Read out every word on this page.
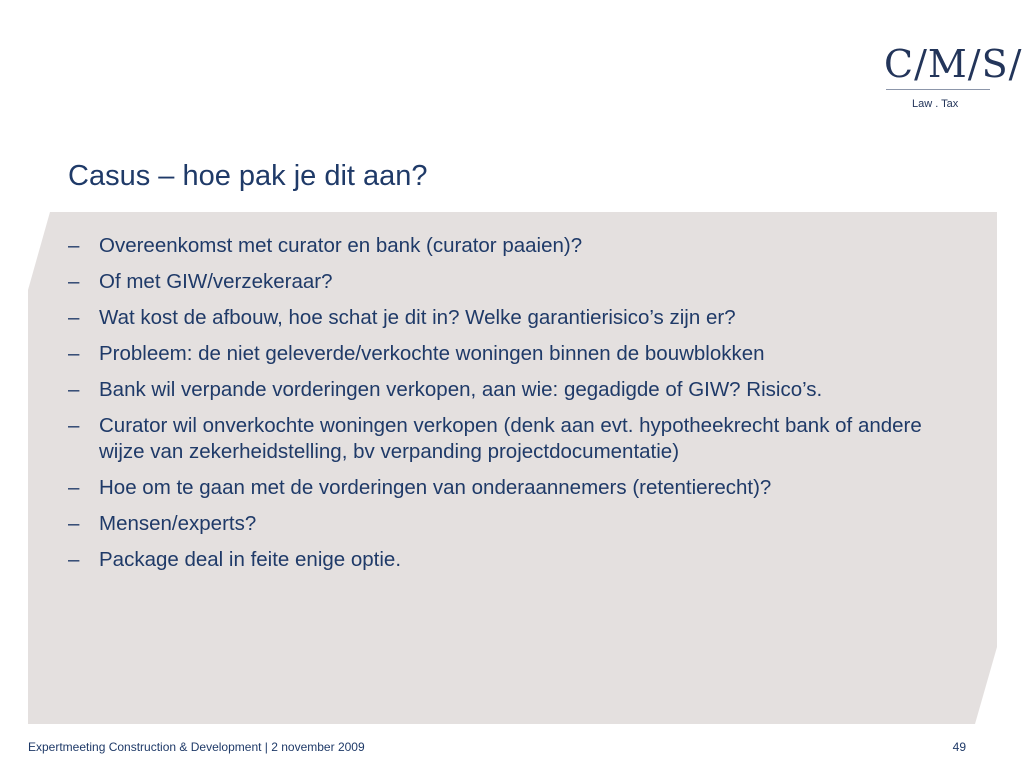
C/M/S/
Law . Tax
Casus – hoe pak je dit aan?
– Overeenkomst met curator en bank (curator paaien)?
– Of met GIW/verzekeraar?
– Wat kost de afbouw, hoe schat je dit in? Welke garantierisico’s zijn er?
– Probleem: de niet geleverde/verkochte woningen binnen de bouwblokken
– Bank wil verpande vorderingen verkopen, aan wie: gegadigde of GIW? Risico’s.
– Curator wil onverkochte woningen verkopen (denk aan evt. hypotheekrecht bank of andere wijze van zekerheidstelling, bv verpanding projectdocumentatie)
– Hoe om te gaan met de vorderingen van onderaannemers (retentierecht)?
– Mensen/experts?
– Package deal in feite enige optie.
Expertmeeting Construction & Development | 2 november 2009	49
